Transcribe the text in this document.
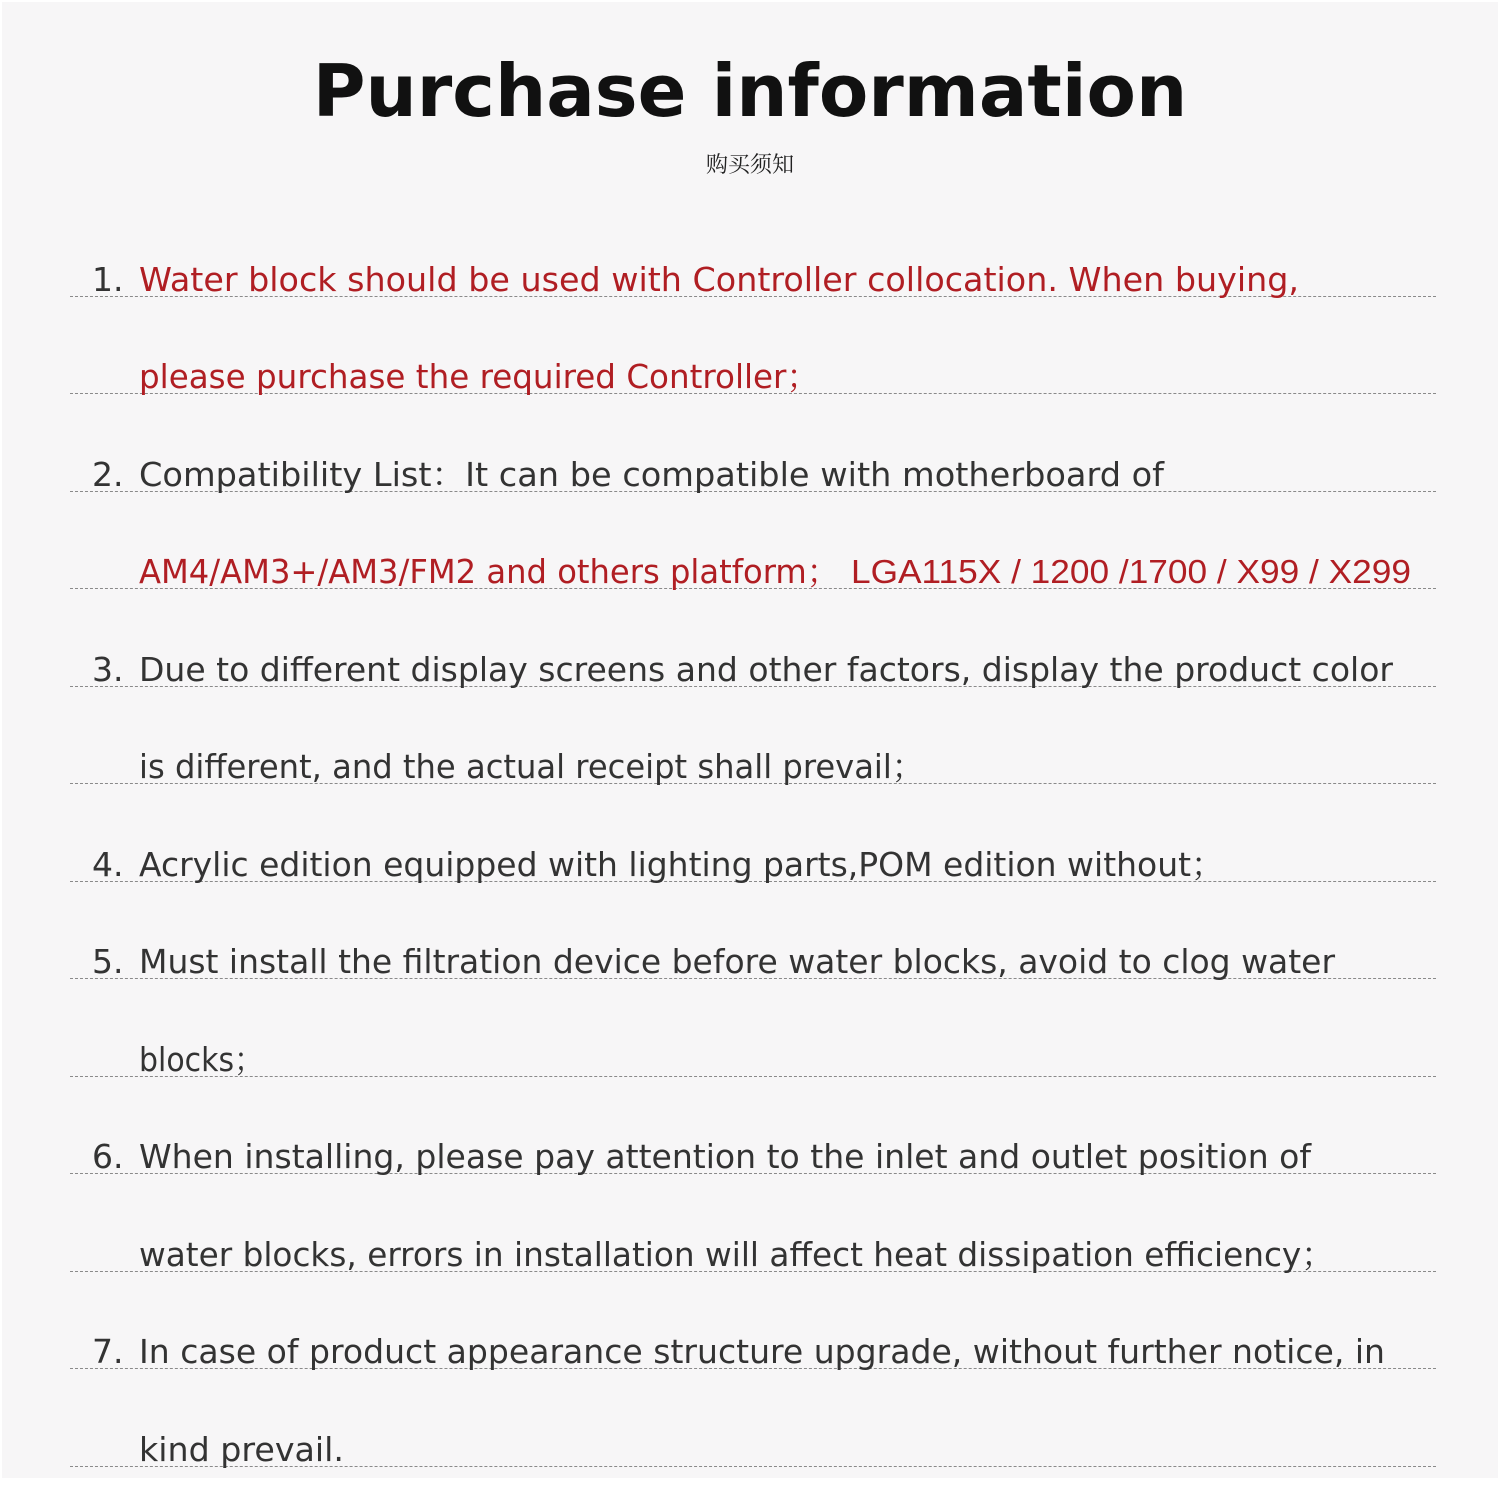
Purchase information
购买须知
1. Water block should be used with Controller collocation. When buying,
please purchase the required Controller；
2. Compatibility List：It can be compatible with motherboard of
AM4/AM3+/AM3/FM2 and others platform； LGA115X / 1200 /1700 / X99 / X299
3. Due to different display screens and other factors, display the product color
is different, and the actual receipt shall prevail；
4. Acrylic edition equipped with lighting parts,POM edition without；
5. Must install the filtration device before water blocks, avoid to clog water
blocks；
6. When installing, please pay attention to the inlet and outlet position of
water blocks, errors in installation will affect heat dissipation efficiency；
7. In case of product appearance structure upgrade, without further notice, in
kind prevail.
